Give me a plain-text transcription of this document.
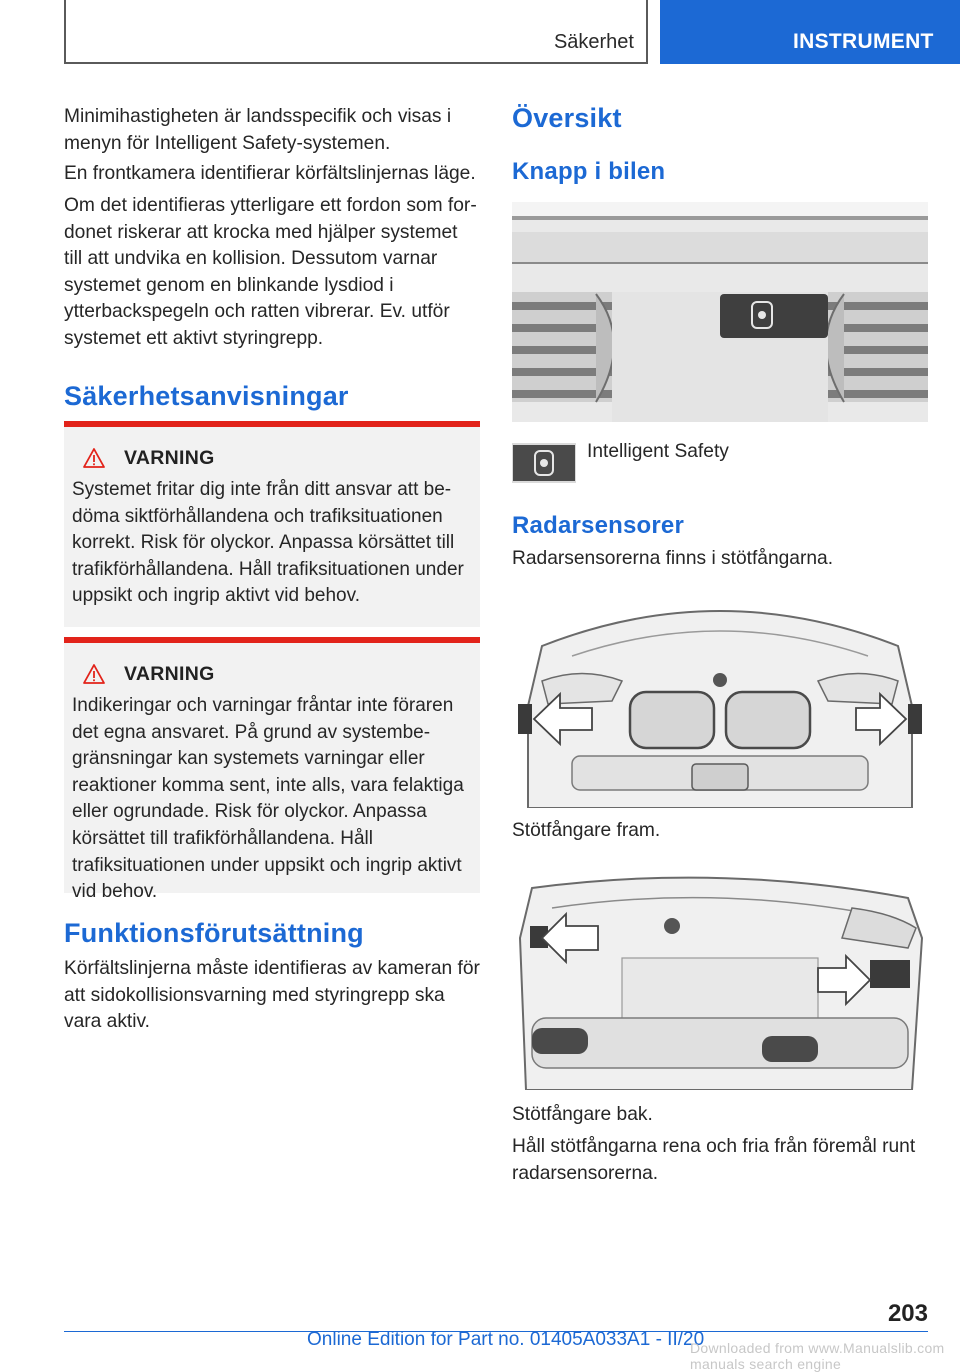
Säkerhet	INSTRUMENT

Minimihastigheten är landsspecifik och visas i menyn för Intelligent Safety-systemen.

En frontkamera identifierar körfältslinjernas läge.

Om det identifieras ytterligare ett fordon som fordonet riskerar att krocka med hjälper systemet till att undvika en kollision. Dessutom varnar systemet genom en blinkande lysdiod i ytterbackspegeln och ratten vibrerar. Ev. utför systemet ett aktivt styringrepp.

Säkerhetsanvisningar
VARNING

Systemet fritar dig inte från ditt ansvar att bedöma siktförhållandena och trafiksituationen korrekt. Risk för olyckor. Anpassa körsättet till trafikförhållandena. Håll trafiksituationen under uppsikt och ingrip aktivt vid behov.

VARNING

Indikeringar och varningar fråntar inte föraren det egna ansvaret. På grund av systembegränsningar kan systemets varningar eller reaktioner komma sent, inte alls, vara felaktiga eller ogrundade. Risk för olyckor. Anpassa körsättet till trafikförhållandena. Håll trafiksituationen under uppsikt och ingrip aktivt vid behov.

Funktionsförutsättning

Körfältslinjerna måste identifieras av kameran för att sidokollisionsvarning med styringrepp ska vara aktiv.

Översikt
Knapp i bilen
Intelligent Safety
Radarsensorer

Radarsensorerna finns i stötfångarna.

Stötfångare fram.

Stötfångare bak.

Håll stötfångarna rena och fria från föremål runt radarsensorerna.

203
Online Edition for Part no. 01405A033A1 - II/20
Downloaded from www.Manualslib.com manuals search engine
